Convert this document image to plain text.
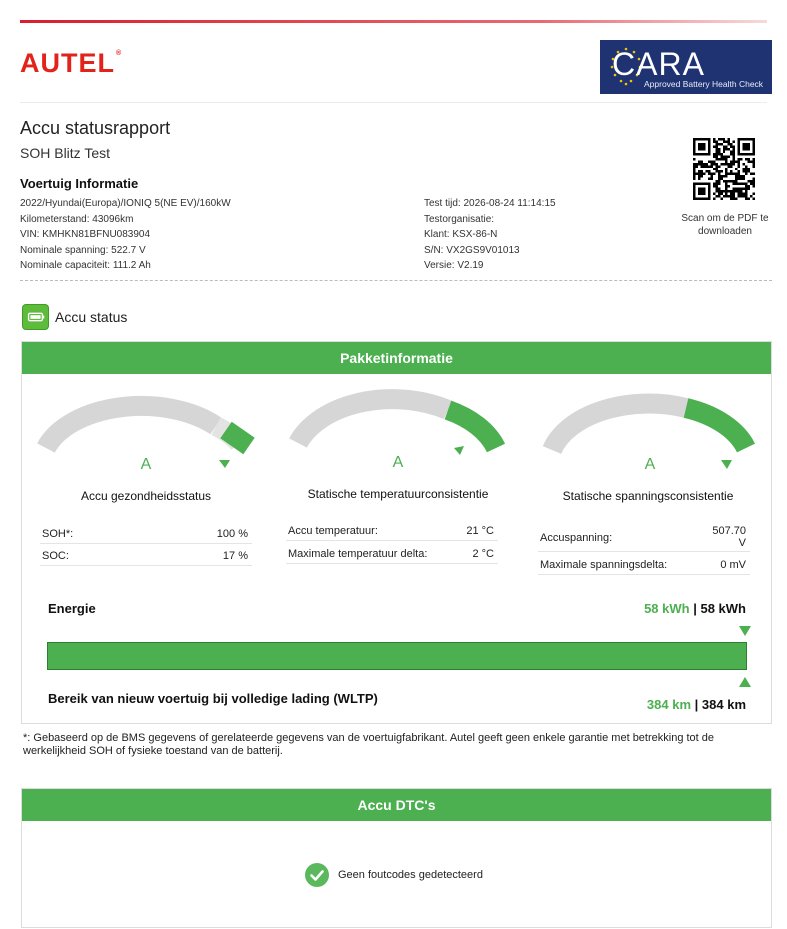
AUTEL®	CARA
Approved Battery Health Check
Accu statusrapport
SOH Blitz Test
Voertuig Informatie
2022/Hyundai(Europa)/IONIQ 5(NE EV)/160kW
Kilometerstand: 43096km
VIN: KMHKN81BFNU083904
Nominale spanning: 522.7 V
Nominale capaciteit: 111.2 Ah
Test tijd: 2026-08-24 11:14:15
Testorganisatie:
Klant: KSX-86-N
S/N: VX2GS9V01013
Versie: V2.19
Scan om de PDF te downloaden
Accu status
Pakketinformatie
A
Accu gezondheidsstatus
A
Statische temperatuurconsistentie
A
Statische spanningsconsistentie
SOH*:	100 %
SOC:	17 %
Accu temperatuur:	21 °C
Maximale temperatuur delta:	2 °C
Accuspanning:
507.70 V
Maximale spanningsdelta:	0 mV
Energie	58 kWh | 58 kWh
Bereik van nieuw voertuig bij volledige lading (WLTP)	384 km | 384 km
*: Gebaseerd op de BMS gegevens of gerelateerde gegevens van de voertuigfabrikant. Autel geeft geen enkele garantie met betrekking tot de werkelijkheid SOH of fysieke toestand van de batterij.
Accu DTC's
Geen foutcodes gedetecteerd
